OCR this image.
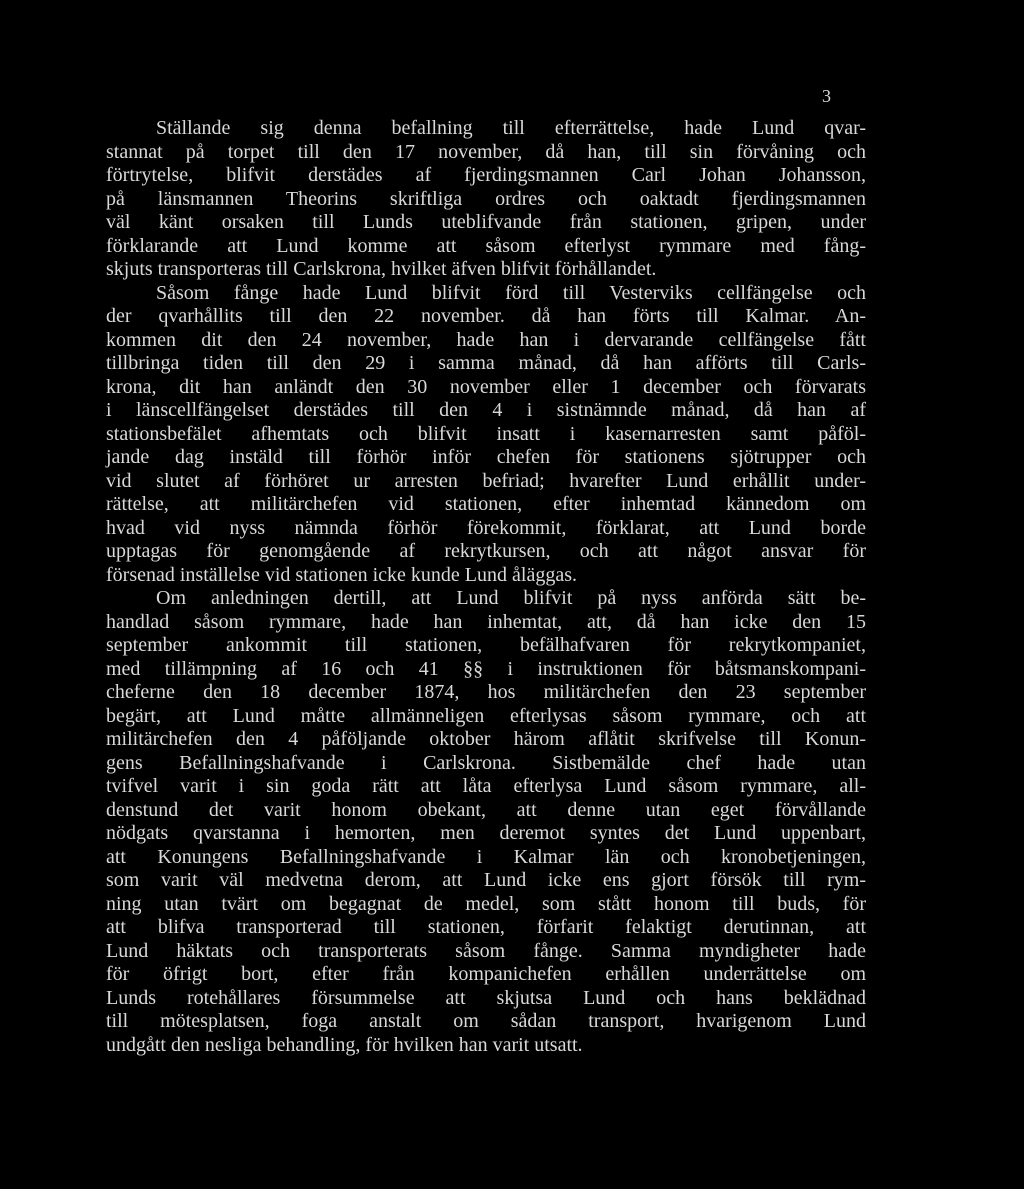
3
Ställande sig denna befallning till efterrättelse, hade Lund qvar-
stannat på torpet till den 17 november, då han, till sin förvåning och
förtrytelse, blifvit derstädes af fjerdingsmannen Carl Johan Johansson,
på länsmannen Theorins skriftliga ordres och oaktadt fjerdingsmannen
väl känt orsaken till Lunds uteblifvande från stationen, gripen, under
förklarande att Lund komme att såsom efterlyst rymmare med fång-
skjuts transporteras till Carlskrona, hvilket äfven blifvit förhållandet.
Såsom fånge hade Lund blifvit förd till Vesterviks cellfängelse och
der qvarhållits till den 22 november. då han förts till Kalmar. An-
kommen dit den 24 november, hade han i dervarande cellfängelse fått
tillbringa tiden till den 29 i samma månad, då han afförts till Carls-
krona, dit han anländt den 30 november eller 1 december och förvarats
i länscellfängelset derstädes till den 4 i sistnämnde månad, då han af
stationsbefälet afhemtats och blifvit insatt i kasernarresten samt påföl-
jande dag instäld till förhör inför chefen för stationens sjötrupper och
vid slutet af förhöret ur arresten befriad; hvarefter Lund erhållit under-
rättelse, att militärchefen vid stationen, efter inhemtad kännedom om
hvad vid nyss nämnda förhör förekommit, förklarat, att Lund borde
upptagas för genomgående af rekrytkursen, och att något ansvar för
försenad inställelse vid stationen icke kunde Lund åläggas.
Om anledningen dertill, att Lund blifvit på nyss anförda sätt be-
handlad såsom rymmare, hade han inhemtat, att, då han icke den 15
september ankommit till stationen, befälhafvaren för rekrytkompaniet,
med tillämpning af 16 och 41 §§ i instruktionen för båtsmanskompani-
cheferne den 18 december 1874, hos militärchefen den 23 september
begärt, att Lund måtte allmänneligen efterlysas såsom rymmare, och att
militärchefen den 4 påföljande oktober härom aflåtit skrifvelse till Konun-
gens Befallningshafvande i Carlskrona. Sistbemälde chef hade utan
tvifvel varit i sin goda rätt att låta efterlysa Lund såsom rymmare, all-
denstund det varit honom obekant, att denne utan eget förvållande
nödgats qvarstanna i hemorten, men deremot syntes det Lund uppenbart,
att Konungens Befallningshafvande i Kalmar län och kronobetjeningen,
som varit väl medvetna derom, att Lund icke ens gjort försök till rym-
ning utan tvärt om begagnat de medel, som stått honom till buds, för
att blifva transporterad till stationen, förfarit felaktigt derutinnan, att
Lund häktats och transporterats såsom fånge. Samma myndigheter hade
för öfrigt bort, efter från kompanichefen erhållen underrättelse om
Lunds rotehållares försummelse att skjutsa Lund och hans beklädnad
till mötesplatsen, foga anstalt om sådan transport, hvarigenom Lund
undgått den nesliga behandling, för hvilken han varit utsatt.
